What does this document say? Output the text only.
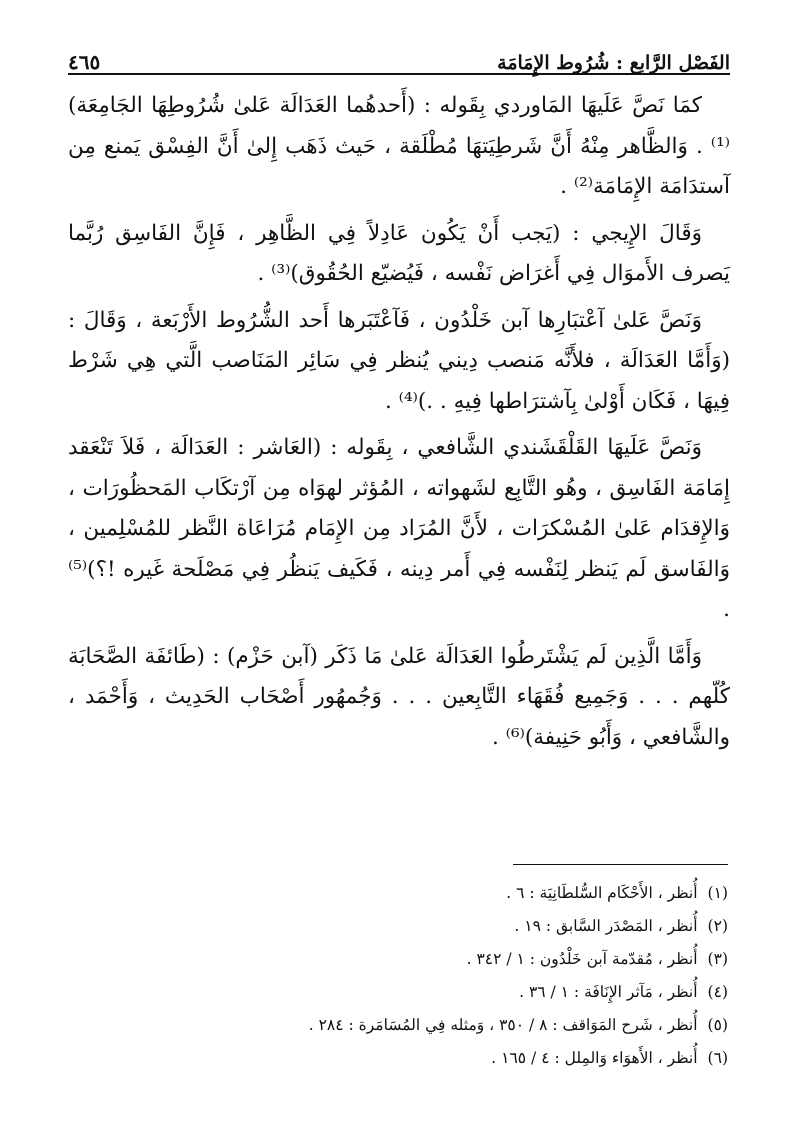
الفَصْل الرَّابع : شُرُوط الإِمَامَة
٤٦٥

كمَا نَصَّ عَلَيهَا المَاوردي بِقَوله : (أَحدهُما العَدَالَة عَلىٰ شُرُوطِهَا الجَامِعَة)⁽¹⁾ . وَالظَّاهر مِنْهُ أَنَّ شَرطِيَتهَا مُطْلَقة ، حَيث ذَهَب إِلىٰ أَنَّ الفِسْق يَمنع مِن آستدَامَة الإِمَامَة⁽²⁾ .

وَقَالَ الإِيجي : (يَجب أَنْ يَكُون عَادِلاً فِي الظَّاهِر ، فَإِنَّ الفَاسِق رُبَّما يَصرف الأَموَال فِي أَغرَاض نَفْسه ، فَيُضيّع الحُقُوق)⁽³⁾ .

وَنَصَّ عَلىٰ آعْتبَارِها آبن خَلْدُون ، فَآعْتَبَرها أَحد الشُّرُوط الأَرْبَعة ، وَقَالَ : (وَأَمَّا العَدَالَة ، فلأَنَّه مَنصب دِيني يُنظر فِي سَائِر المَنَاصب الَّتي هِي شَرْط فِيهَا ، فَكَان أَوْلىٰ بِآشترَاطها فِيهِ . .)⁽⁴⁾ .

وَنَصَّ عَلَيهَا القَلْقَشَندي الشَّافعي ، بِقَوله : (العَاشر : العَدَالَة ، فَلاَ تَنْعَقد إِمَامَة الفَاسِق ، وهُو التَّابِع لشَهواته ، المُؤثر لهوَاه مِن آرْتكَاب المَحظُورَات ، وَالإِقدَام عَلىٰ المُسْكرَات ، لأَنَّ المُرَاد مِن الإِمَام مُرَاعَاة النَّظر للمُسْلِمين ، وَالفَاسق لَم يَنظر لِنَفْسه فِي أَمر دِينه ، فَكَيف يَنظُر فِي مَصْلَحة غَيره !؟)⁽⁵⁾ .

وَأَمَّا الَّذِين لَم يَشْتَرطُوا العَدَالَة عَلىٰ مَا ذَكَر (آبن حَزْم) : (طَائفَة الصَّحَابَة كُلّهم . . . وَجَمِيع فُقَهَاء التَّابِعين . . . وَجُمهُور أَصْحَاب الحَدِيث ، وَأَحْمَد ، والشَّافعي ، وَأَبُو حَنِيفة)⁽⁶⁾ .

(١)أُنظر ، الأَحْكَام السُّلطَانِيَة : ٦ .
(٢)أُنظر ، المَصْدَر السَّابق : ١٩ .
(٣)أُنظر ، مُقدّمة آبن خَلْدُون : ١ / ٣٤٢ .
(٤)أُنظر ، مَآثر الإِنَافَة : ١ / ٣٦ .
(٥)أُنظر ، شَرح المَوَاقف : ٨ / ٣٥٠ ، وَمثله فِي المُسَامَرة : ٢٨٤ .
(٦)أُنظر ، الأَهوَاء وَالمِلل : ٤ / ١٦٥ .
